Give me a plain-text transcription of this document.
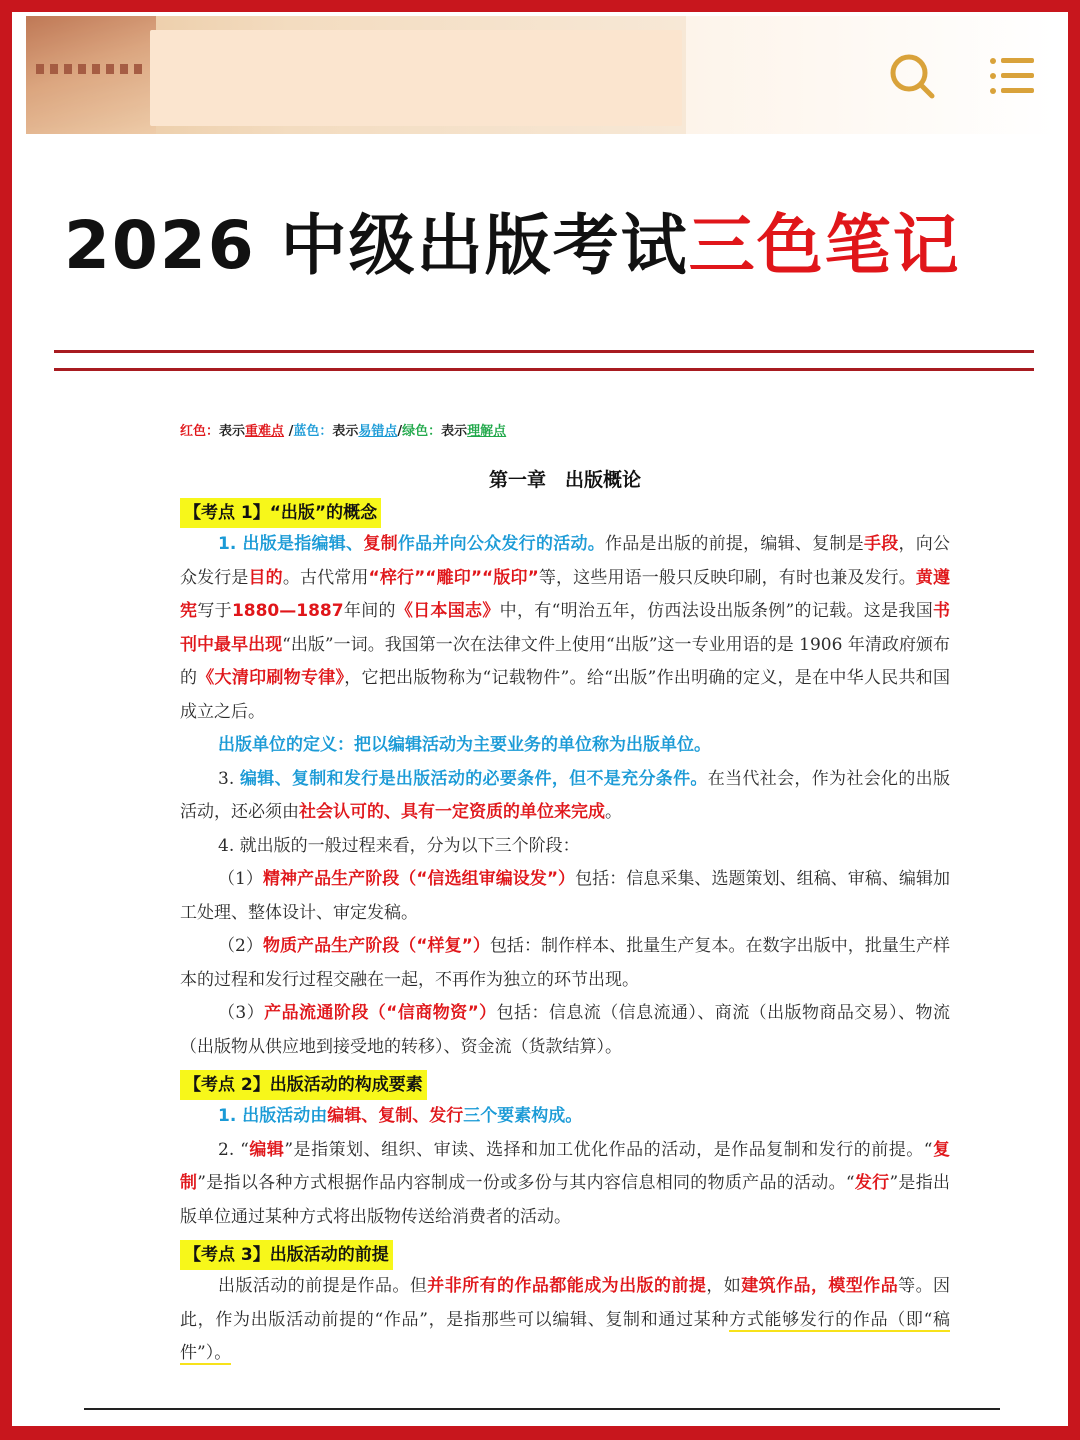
2026 中级出版考试三色笔记
红色：表示重难点 /蓝色：表示易错点/绿色：表示理解点
第一章　出版概论
【考点 1】“出版”的概念

1. 出版是指编辑、复制作品并向公众发行的活动。作品是出版的前提，编辑、复制是手段，向公众发行是目的。古代常用“梓行”“雕印”“版印”等，这些用语一般只反映印刷，有时也兼及发行。黄遵宪写于1880—1887年间的《日本国志》中，有“明治五年，仿西法设出版条例”的记载。这是我国书刊中最早出现“出版”一词。我国第一次在法律文件上使用“出版”这一专业用语的是 1906 年清政府颁布的《大清印刷物专律》，它把出版物称为“记载物件”。给“出版”作出明确的定义，是在中华人民共和国成立之后。

出版单位的定义：把以编辑活动为主要业务的单位称为出版单位。

3. 编辑、复制和发行是出版活动的必要条件，但不是充分条件。在当代社会，作为社会化的出版活动，还必须由社会认可的、具有一定资质的单位来完成。

4. 就出版的一般过程来看，分为以下三个阶段：

（1）精神产品生产阶段（“信选组审编设发”）包括：信息采集、选题策划、组稿、审稿、编辑加工处理、整体设计、审定发稿。

（2）物质产品生产阶段（“样复”）包括：制作样本、批量生产复本。在数字出版中，批量生产样本的过程和发行过程交融在一起，不再作为独立的环节出现。

（3）产品流通阶段（“信商物资”）包括：信息流（信息流通）、商流（出版物商品交易）、物流（出版物从供应地到接受地的转移）、资金流（货款结算）。

【考点 2】出版活动的构成要素

1. 出版活动由编辑、复制、发行三个要素构成。

2. “编辑”是指策划、组织、审读、选择和加工优化作品的活动，是作品复制和发行的前提。“复制”是指以各种方式根据作品内容制成一份或多份与其内容信息相同的物质产品的活动。“发行”是指出版单位通过某种方式将出版物传送给消费者的活动。

【考点 3】出版活动的前提

出版活动的前提是作品。但并非所有的作品都能成为出版的前提，如建筑作品，模型作品等。因此，作为出版活动前提的“作品”，是指那些可以编辑、复制和通过某种方式能够发行的作品（即“稿件”）。
